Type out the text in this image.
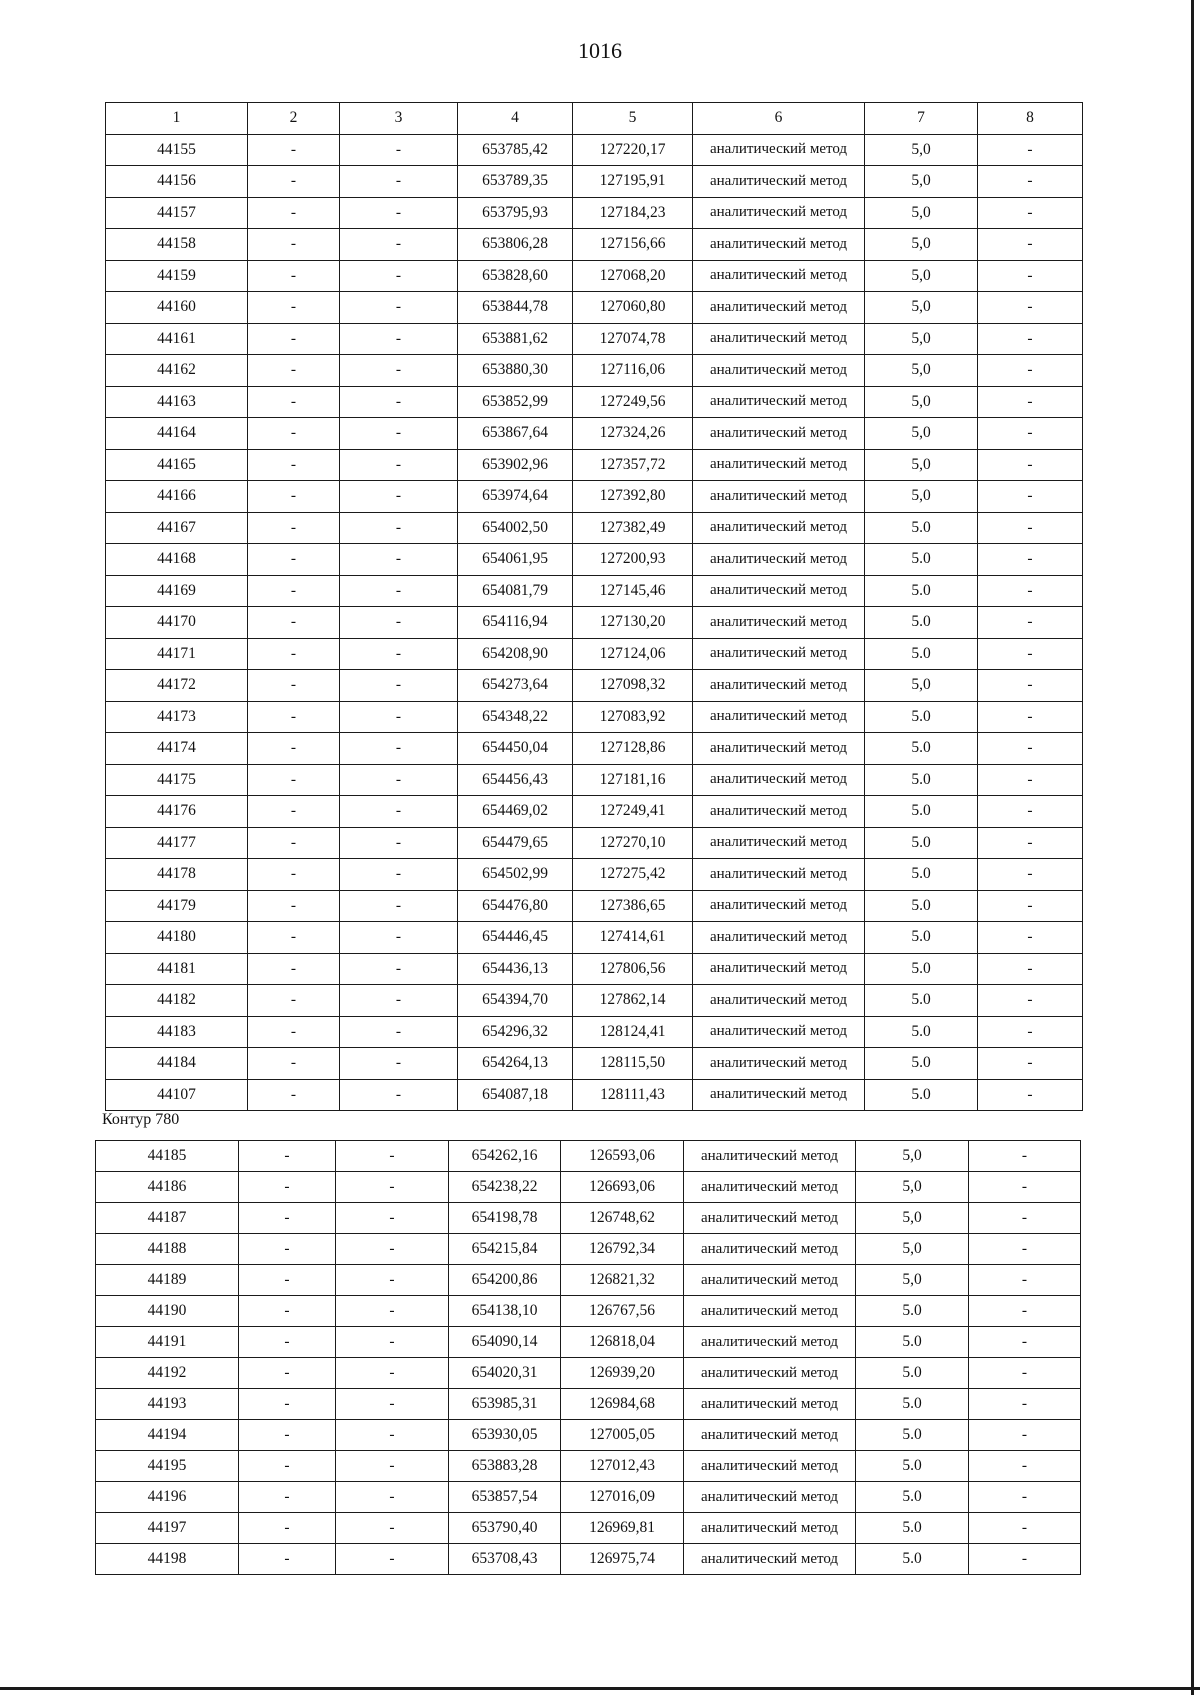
1016
1	2	3	4	5	6	7	8
44155	-	-	653785,42	127220,17	аналитический метод	5,0	-
44156	-	-	653789,35	127195,91	аналитический метод	5,0	-
44157	-	-	653795,93	127184,23	аналитический метод	5,0	-
44158	-	-	653806,28	127156,66	аналитический метод	5,0	-
44159	-	-	653828,60	127068,20	аналитический метод	5,0	-
44160	-	-	653844,78	127060,80	аналитический метод	5,0	-
44161	-	-	653881,62	127074,78	аналитический метод	5,0	-
44162	-	-	653880,30	127116,06	аналитический метод	5,0	-
44163	-	-	653852,99	127249,56	аналитический метод	5,0	-
44164	-	-	653867,64	127324,26	аналитический метод	5,0	-
44165	-	-	653902,96	127357,72	аналитический метод	5,0	-
44166	-	-	653974,64	127392,80	аналитический метод	5,0	-
44167	-	-	654002,50	127382,49	аналитический метод	5.0	-
44168	-	-	654061,95	127200,93	аналитический метод	5.0	-
44169	-	-	654081,79	127145,46	аналитический метод	5.0	-
44170	-	-	654116,94	127130,20	аналитический метод	5.0	-
44171	-	-	654208,90	127124,06	аналитический метод	5.0	-
44172	-	-	654273,64	127098,32	аналитический метод	5,0	-
44173	-	-	654348,22	127083,92	аналитический метод	5.0	-
44174	-	-	654450,04	127128,86	аналитический метод	5.0	-
44175	-	-	654456,43	127181,16	аналитический метод	5.0	-
44176	-	-	654469,02	127249,41	аналитический метод	5.0	-
44177	-	-	654479,65	127270,10	аналитический метод	5.0	-
44178	-	-	654502,99	127275,42	аналитический метод	5.0	-
44179	-	-	654476,80	127386,65	аналитический метод	5.0	-
44180	-	-	654446,45	127414,61	аналитический метод	5.0	-
44181	-	-	654436,13	127806,56	аналитический метод	5.0	-
44182	-	-	654394,70	127862,14	аналитический метод	5.0	-
44183	-	-	654296,32	128124,41	аналитический метод	5.0	-
44184	-	-	654264,13	128115,50	аналитический метод	5.0	-
44107	-	-	654087,18	128111,43	аналитический метод	5.0	-
Контур 780
44185	-	-	654262,16	126593,06	аналитический метод	5,0	-
44186	-	-	654238,22	126693,06	аналитический метод	5,0	-
44187	-	-	654198,78	126748,62	аналитический метод	5,0	-
44188	-	-	654215,84	126792,34	аналитический метод	5,0	-
44189	-	-	654200,86	126821,32	аналитический метод	5,0	-
44190	-	-	654138,10	126767,56	аналитический метод	5.0	-
44191	-	-	654090,14	126818,04	аналитический метод	5.0	-
44192	-	-	654020,31	126939,20	аналитический метод	5.0	-
44193	-	-	653985,31	126984,68	аналитический метод	5.0	-
44194	-	-	653930,05	127005,05	аналитический метод	5.0	-
44195	-	-	653883,28	127012,43	аналитический метод	5.0	-
44196	-	-	653857,54	127016,09	аналитический метод	5.0	-
44197	-	-	653790,40	126969,81	аналитический метод	5.0	-
44198	-	-	653708,43	126975,74	аналитический метод	5.0	-
